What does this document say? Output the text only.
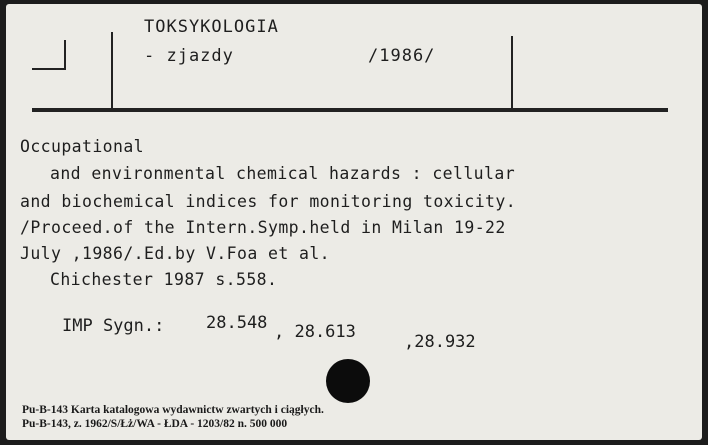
TOKSYKOLOGIA
- zjazdy	/1986/
Occupational
and environmental chemical hazards : cellular
and biochemical indices for monitoring toxicity.
/Proceed.of the Intern.Symp.held in Milan 19-22
July ,1986/.Ed.by V.Foa et al.
Chichester 1987 s.558.
IMP Sygn.: 28.548 , 28.613	,28.932
Pu-B-143 Karta katalogowa wydawnictw zwartych i ciągłych.
Pu-B-143, z. 1962/S/Łż/WA - ŁDA - 1203/82 n. 500 000
